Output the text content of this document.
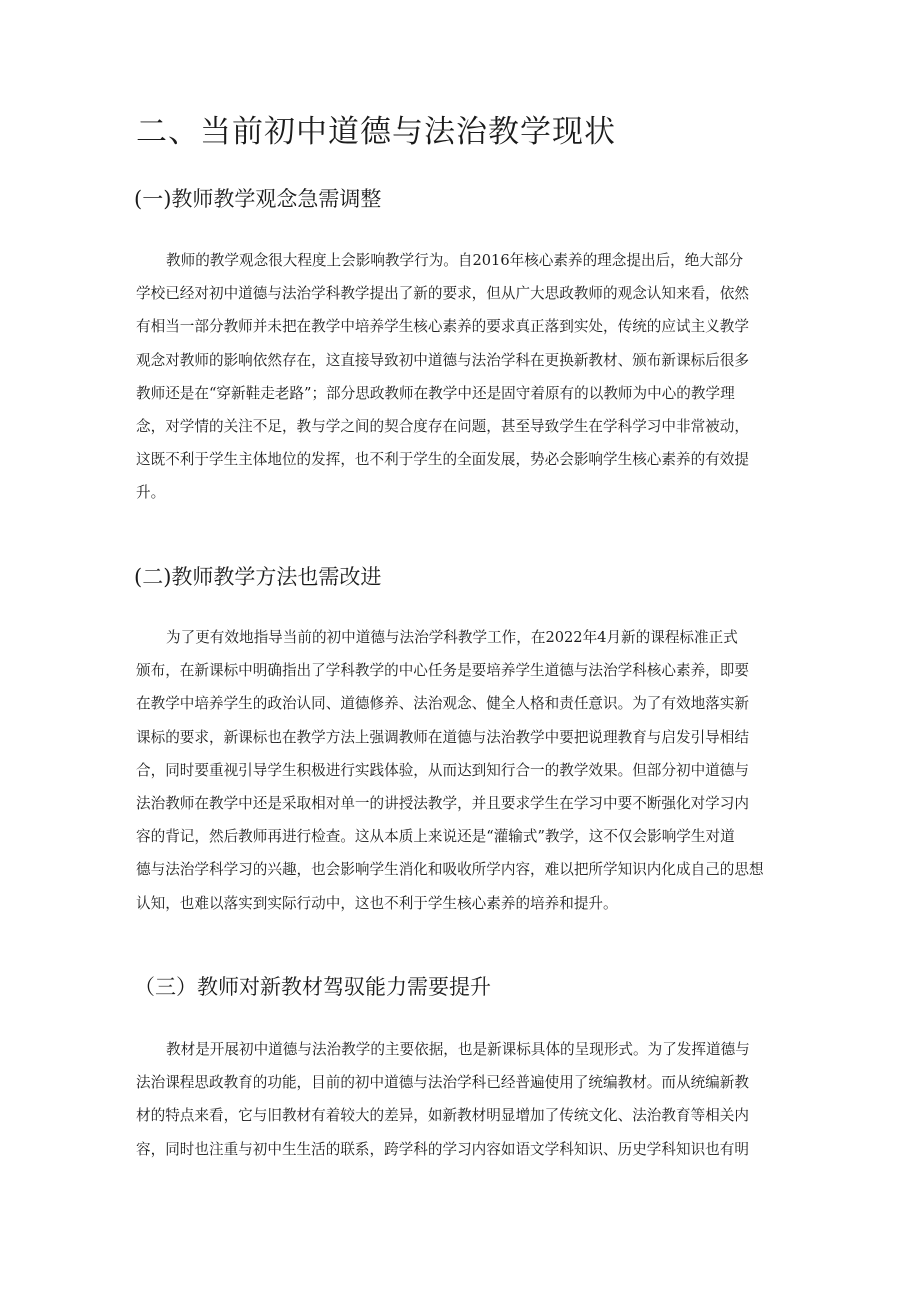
二、当前初中道德与法治教学现状
(一)教师教学观念急需调整
教师的教学观念很大程度上会影响教学行为。自2016年核心素养的理念提出后，绝大部分
学校已经对初中道德与法治学科教学提出了新的要求，但从广大思政教师的观念认知来看，依然
有相当一部分教师并未把在教学中培养学生核心素养的要求真正落到实处，传统的应试主义教学
观念对教师的影响依然存在，这直接导致初中道德与法治学科在更换新教材、颁布新课标后很多
教师还是在“穿新鞋走老路”；部分思政教师在教学中还是固守着原有的以教师为中心的教学理
念，对学情的关注不足，教与学之间的契合度存在问题，甚至导致学生在学科学习中非常被动，
这既不利于学生主体地位的发挥，也不利于学生的全面发展，势必会影响学生核心素养的有效提
升。
(二)教师教学方法也需改进
为了更有效地指导当前的初中道德与法治学科教学工作，在2022年4月新的课程标准正式
颁布，在新课标中明确指出了学科教学的中心任务是要培养学生道德与法治学科核心素养，即要
在教学中培养学生的政治认同、道德修养、法治观念、健全人格和责任意识。为了有效地落实新
课标的要求，新课标也在教学方法上强调教师在道德与法治教学中要把说理教育与启发引导相结
合，同时要重视引导学生积极进行实践体验，从而达到知行合一的教学效果。但部分初中道德与
法治教师在教学中还是采取相对单一的讲授法教学，并且要求学生在学习中要不断强化对学习内
容的背记，然后教师再进行检查。这从本质上来说还是“灌输式”教学，这不仅会影响学生对道
德与法治学科学习的兴趣，也会影响学生消化和吸收所学内容，难以把所学知识内化成自己的思想
认知，也难以落实到实际行动中，这也不利于学生核心素养的培养和提升。
（三）教师对新教材驾驭能力需要提升
教材是开展初中道德与法治教学的主要依据，也是新课标具体的呈现形式。为了发挥道德与
法治课程思政教育的功能，目前的初中道德与法治学科已经普遍使用了统编教材。而从统编新教
材的特点来看，它与旧教材有着较大的差异，如新教材明显增加了传统文化、法治教育等相关内
容，同时也注重与初中生生活的联系，跨学科的学习内容如语文学科知识、历史学科知识也有明
